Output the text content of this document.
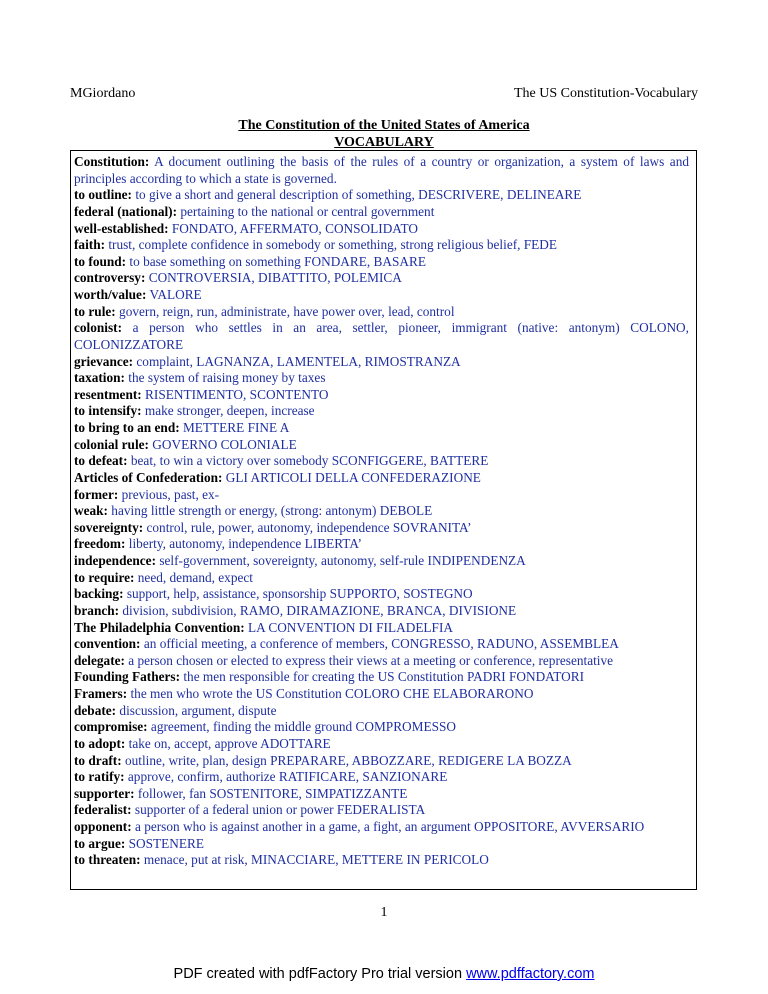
MGiordano	The US Constitution-Vocabulary
The Constitution of the United States of America
VOCABULARY
Constitution: A document outlining the basis of the rules of a country or organization, a system of laws and principles according to which a state is governed.
to outline: to give a short and general description of something, DESCRIVERE, DELINEARE
federal (national): pertaining to the national or central government
well-established: FONDATO, AFFERMATO, CONSOLIDATO
faith: trust, complete confidence in somebody or something, strong religious belief, FEDE
to found: to base something on something FONDARE, BASARE
controversy: CONTROVERSIA, DIBATTITO, POLEMICA
worth/value: VALORE
to rule: govern, reign, run, administrate, have power over, lead, control
colonist: a person who settles in an area, settler, pioneer, immigrant (native: antonym) COLONO, COLONIZZATORE
grievance: complaint, LAGNANZA, LAMENTELA, RIMOSTRANZA
taxation: the system of raising money by taxes
resentment: RISENTIMENTO, SCONTENTO
to intensify: make stronger, deepen, increase
to bring to an end: METTERE FINE A
colonial rule: GOVERNO COLONIALE
to defeat: beat, to win a victory over somebody SCONFIGGERE, BATTERE
Articles of Confederation: GLI ARTICOLI DELLA CONFEDERAZIONE
former: previous, past, ex-
weak: having little strength or energy, (strong: antonym) DEBOLE
sovereignty: control, rule, power, autonomy, independence SOVRANITA’
freedom: liberty, autonomy, independence LIBERTA’
independence: self-government, sovereignty, autonomy, self-rule INDIPENDENZA
to require: need, demand, expect
backing: support, help, assistance, sponsorship SUPPORTO, SOSTEGNO
branch: division, subdivision, RAMO, DIRAMAZIONE, BRANCA, DIVISIONE
The Philadelphia Convention: LA CONVENTION DI FILADELFIA
convention: an official meeting, a conference of members, CONGRESSO, RADUNO, ASSEMBLEA
delegate: a person chosen or elected to express their views at a meeting or conference, representative
Founding Fathers: the men responsible for creating the US Constitution PADRI FONDATORI
Framers: the men who wrote the US Constitution COLORO CHE ELABORARONO
debate: discussion, argument, dispute
compromise: agreement, finding the middle ground COMPROMESSO
to adopt: take on, accept, approve ADOTTARE
to draft: outline, write, plan, design PREPARARE, ABBOZZARE, REDIGERE LA BOZZA
to ratify: approve, confirm, authorize RATIFICARE, SANZIONARE
supporter: follower, fan SOSTENITORE, SIMPATIZZANTE
federalist: supporter of a federal union or power FEDERALISTA
opponent: a person who is against another in a game, a fight, an argument OPPOSITORE, AVVERSARIO
to argue: SOSTENERE
to threaten: menace, put at risk, MINACCIARE, METTERE IN PERICOLO
1
PDF created with pdfFactory Pro trial version www.pdffactory.com
